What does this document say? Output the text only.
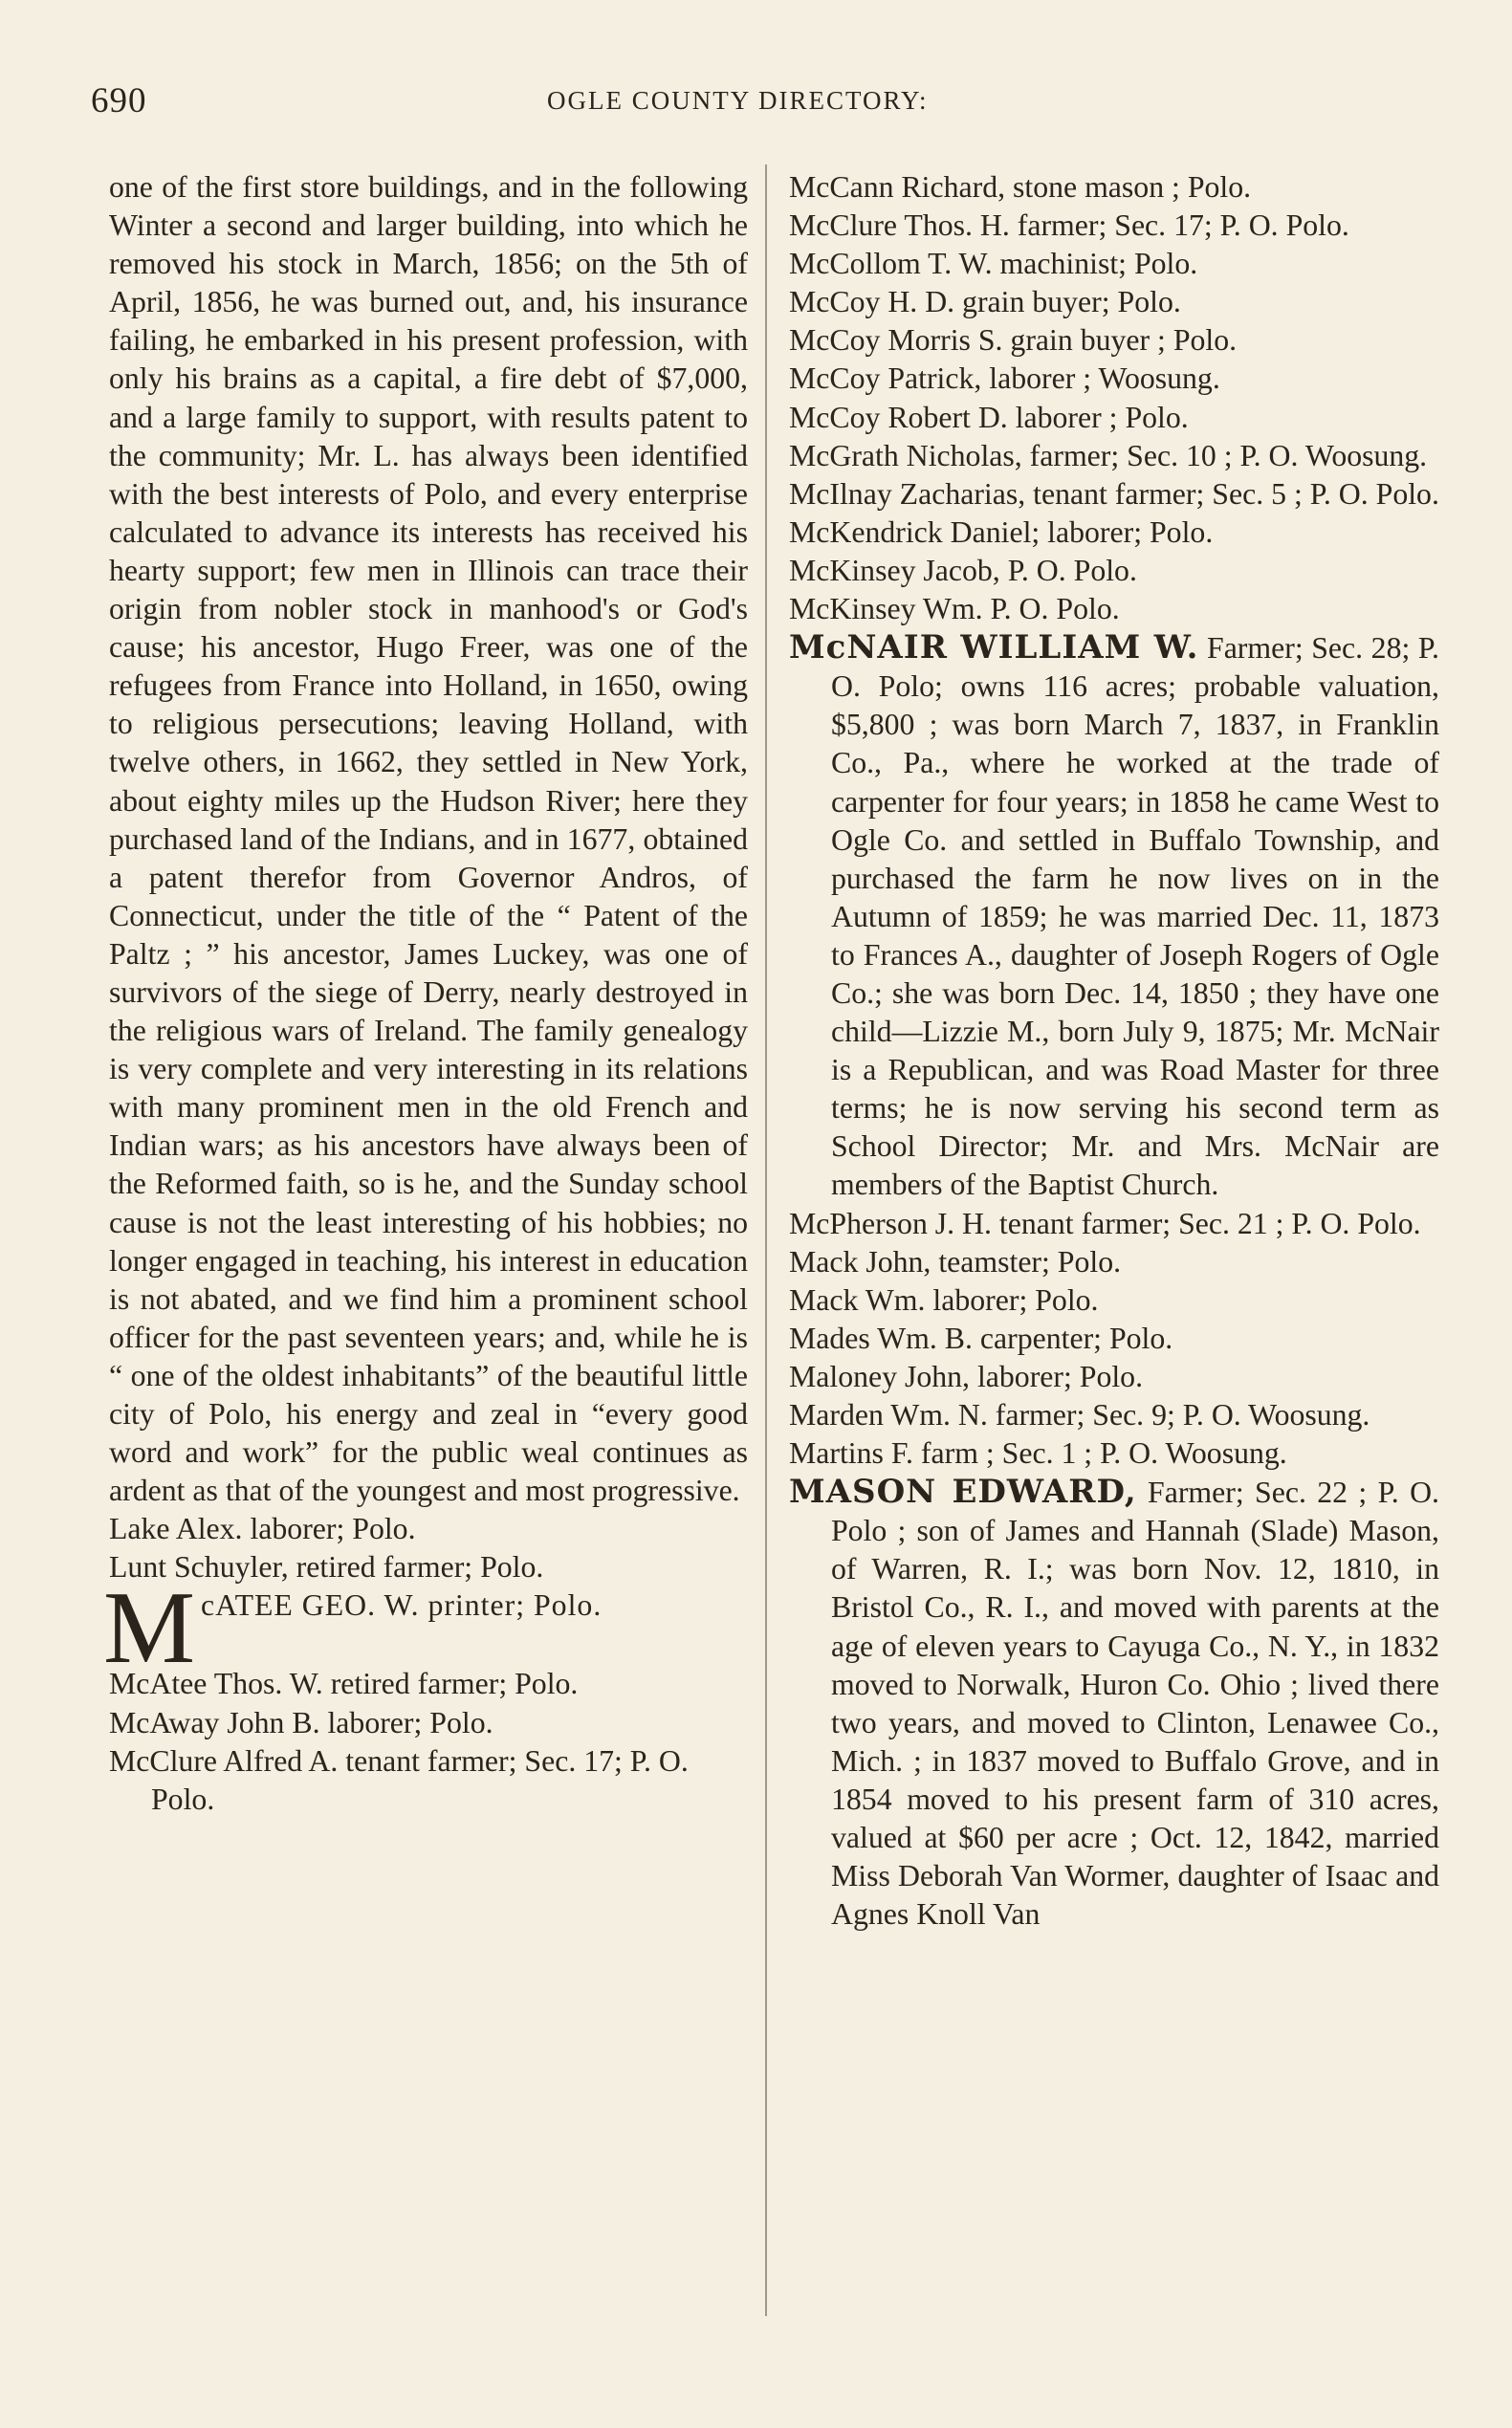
690	OGLE COUNTY DIRECTORY:

one of the first store buildings, and in the following Winter a second and larger building, into which he removed his stock in March, 1856; on the 5th of April, 1856, he was burned out, and, his insurance failing, he embarked in his present profession, with only his brains as a capital, a fire debt of $7,000, and a large family to support, with results patent to the community; Mr. L. has always been identified with the best interests of Polo, and every enterprise calculated to advance its interests has received his hearty support; few men in Illinois can trace their origin from nobler stock in manhood's or God's cause; his ancestor, Hugo Freer, was one of the refugees from France into Holland, in 1650, owing to religious persecutions; leaving Holland, with twelve others, in 1662, they settled in New York, about eighty miles up the Hudson River; here they purchased land of the Indians, and in 1677, obtained a patent therefor from Governor Andros, of Connecticut, under the title of the “ Patent of the Paltz ; ” his ancestor, James Luckey, was one of survivors of the siege of Derry, nearly destroyed in the religious wars of Ireland. The family genealogy is very complete and very interesting in its relations with many prominent men in the old French and Indian wars; as his ancestors have always been of the Reformed faith, so is he, and the Sunday school cause is not the least interesting of his hobbies; no longer engaged in teaching, his interest in education is not abated, and we find him a prominent school officer for the past seventeen years; and, while he is “ one of the oldest inhabitants” of the beautiful little city of Polo, his energy and zeal in “every good word and work” for the public weal continues as ardent as that of the youngest and most progressive.

Lake Alex. laborer; Polo.

Lunt Schuyler, retired farmer; Polo.

M cATEE GEO. W. printer; Polo.

McAtee Thos. W. retired farmer; Polo.

McAway John B. laborer; Polo.

McClure Alfred A. tenant farmer; Sec. 17; P. O. Polo.

McCann Richard, stone mason ; Polo.

McClure Thos. H. farmer; Sec. 17; P. O. Polo.

McCollom T. W. machinist; Polo.

McCoy H. D. grain buyer; Polo.

McCoy Morris S. grain buyer ; Polo.

McCoy Patrick, laborer ; Woosung.

McCoy Robert D. laborer ; Polo.

McGrath Nicholas, farmer; Sec. 10 ; P. O. Woosung.

McIlnay Zacharias, tenant farmer; Sec. 5 ; P. O. Polo.

McKendrick Daniel; laborer; Polo.

McKinsey Jacob, P. O. Polo.

McKinsey Wm. P. O. Polo.

McNAIR WILLIAM W. Farmer; Sec. 28; P. O. Polo; owns 116 acres; probable valuation, $5,800 ; was born March 7, 1837, in Franklin Co., Pa., where he worked at the trade of carpenter for four years; in 1858 he came West to Ogle Co. and settled in Buffalo Township, and purchased the farm he now lives on in the Autumn of 1859; he was married Dec. 11, 1873 to Frances A., daughter of Joseph Rogers of Ogle Co.; she was born Dec. 14, 1850 ; they have one child—Lizzie M., born July 9, 1875; Mr. McNair is a Republican, and was Road Master for three terms; he is now serving his second term as School Director; Mr. and Mrs. McNair are members of the Baptist Church.

McPherson J. H. tenant farmer; Sec. 21 ; P. O. Polo.

Mack John, teamster; Polo.

Mack Wm. laborer; Polo.

Mades Wm. B. carpenter; Polo.

Maloney John, laborer; Polo.

Marden Wm. N. farmer; Sec. 9; P. O. Woosung.

Martins F. farm ; Sec. 1 ; P. O. Woosung.

MASON EDWARD, Farmer; Sec. 22 ; P. O. Polo ; son of James and Hannah (Slade) Mason, of Warren, R. I.; was born Nov. 12, 1810, in Bristol Co., R. I., and moved with parents at the age of eleven years to Cayuga Co., N. Y., in 1832 moved to Norwalk, Huron Co. Ohio ; lived there two years, and moved to Clinton, Lenawee Co., Mich. ; in 1837 moved to Buffalo Grove, and in 1854 moved to his present farm of 310 acres, valued at $60 per acre ; Oct. 12, 1842, married Miss Deborah Van Wormer, daughter of Isaac and Agnes Knoll Van
